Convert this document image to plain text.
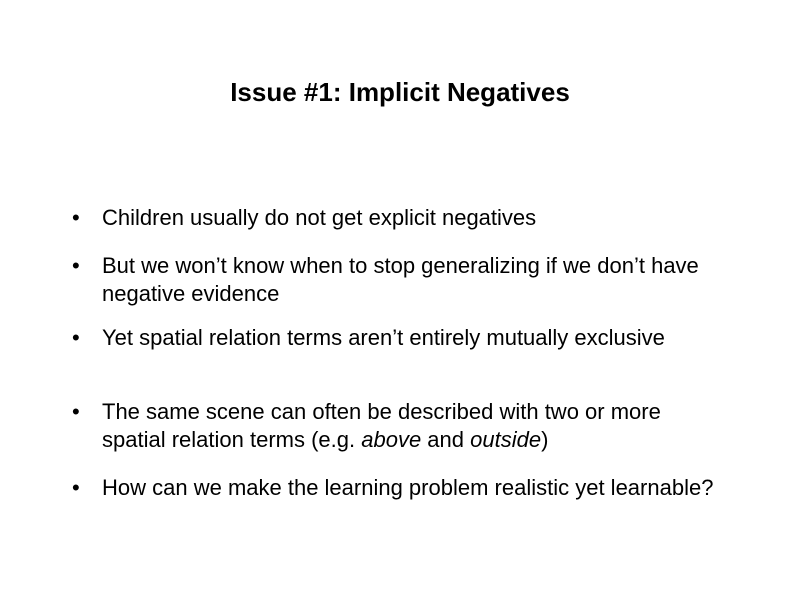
Issue #1: Implicit Negatives
• Children usually do not get explicit negatives

• But we won’t know when to stop generalizing if we don’t have negative evidence

• Yet spatial relation terms aren’t entirely mutually exclusive

• The same scene can often be described with two or more spatial relation terms (e.g. above and outside)

• How can we make the learning problem realistic yet learnable?
